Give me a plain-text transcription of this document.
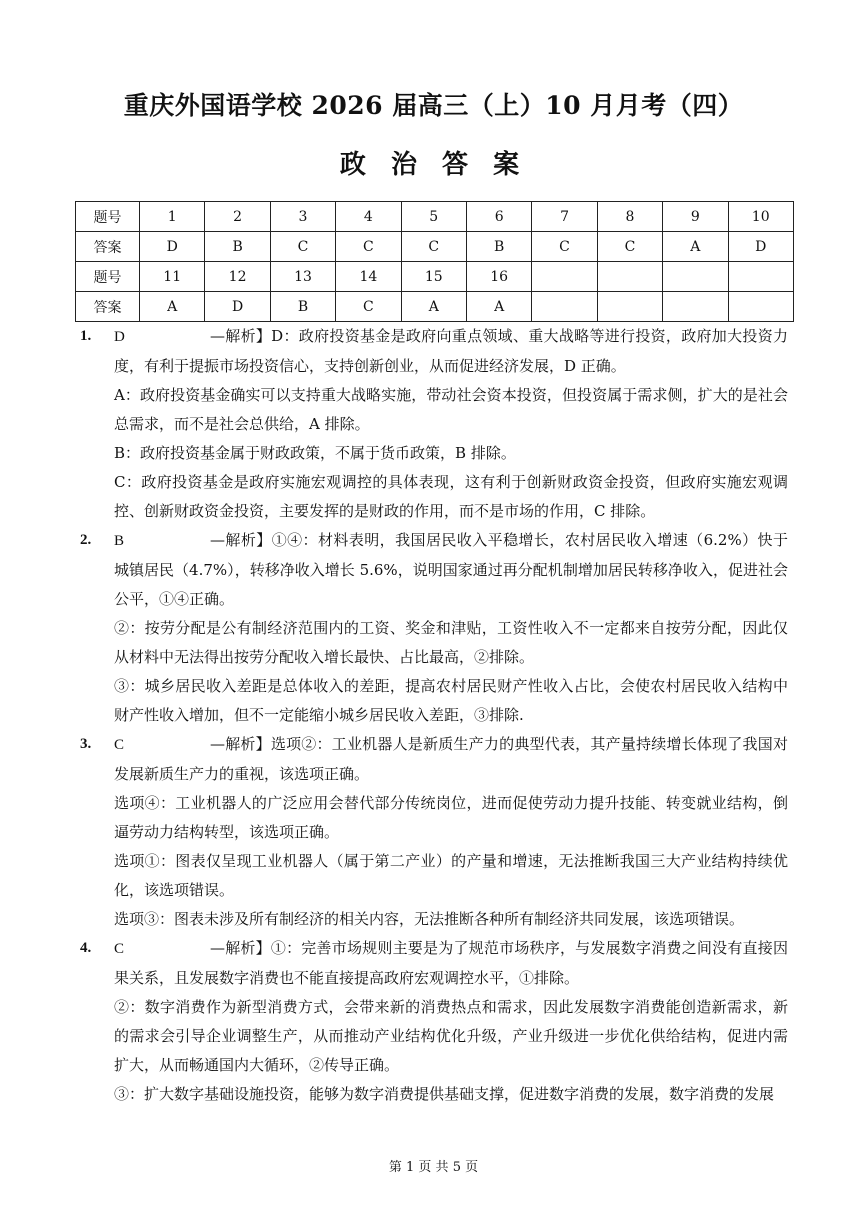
重庆外国语学校 2026 届高三（上）10 月月考（四）
政 治 答 案
题号	1	2	3	4	5	6	7	8	9	10
答案	D	B	C	C	C	B	C	C	A	D
题号	11	12	13	14	15	16				
答案	A	D	B	C	A	A				

1. D	—解析】D：政府投资基金是政府向重点领域、重大战略等进行投资，政府加大投资力度，有利于提振市场投资信心，支持创新创业，从而促进经济发展，D 正确。

A：政府投资基金确实可以支持重大战略实施，带动社会资本投资，但投资属于需求侧，扩大的是社会总需求，而不是社会总供给，A 排除。

B：政府投资基金属于财政政策，不属于货币政策，B 排除。

C：政府投资基金是政府实施宏观调控的具体表现，这有利于创新财政资金投资，但政府实施宏观调控、创新财政资金投资，主要发挥的是财政的作用，而不是市场的作用，C 排除。

2. B	—解析】①④：材料表明，我国居民收入平稳增长，农村居民收入增速（6.2%）快于城镇居民（4.7%），转移净收入增长 5.6%，说明国家通过再分配机制增加居民转移净收入，促进社会公平，①④正确。

②：按劳分配是公有制经济范围内的工资、奖金和津贴，工资性收入不一定都来自按劳分配，因此仅从材料中无法得出按劳分配收入增长最快、占比最高，②排除。

③：城乡居民收入差距是总体收入的差距，提高农村居民财产性收入占比，会使农村居民收入结构中财产性收入增加，但不一定能缩小城乡居民收入差距，③排除.

3. C	—解析】选项②：工业机器人是新质生产力的典型代表，其产量持续增长体现了我国对发展新质生产力的重视，该选项正确。

选项④：工业机器人的广泛应用会替代部分传统岗位，进而促使劳动力提升技能、转变就业结构，倒逼劳动力结构转型，该选项正确。

选项①：图表仅呈现工业机器人（属于第二产业）的产量和增速，无法推断我国三大产业结构持续优化，该选项错误。

选项③：图表未涉及所有制经济的相关内容，无法推断各种所有制经济共同发展，该选项错误。

4. C	—解析】①：完善市场规则主要是为了规范市场秩序，与发展数字消费之间没有直接因果关系，且发展数字消费也不能直接提高政府宏观调控水平，①排除。

②：数字消费作为新型消费方式，会带来新的消费热点和需求，因此发展数字消费能创造新需求，新的需求会引导企业调整生产，从而推动产业结构优化升级，产业升级进一步优化供给结构，促进内需扩大，从而畅通国内大循环，②传导正确。

③：扩大数字基础设施投资，能够为数字消费提供基础支撑，促进数字消费的发展，数字消费的发展

第 1 页 共 5 页
